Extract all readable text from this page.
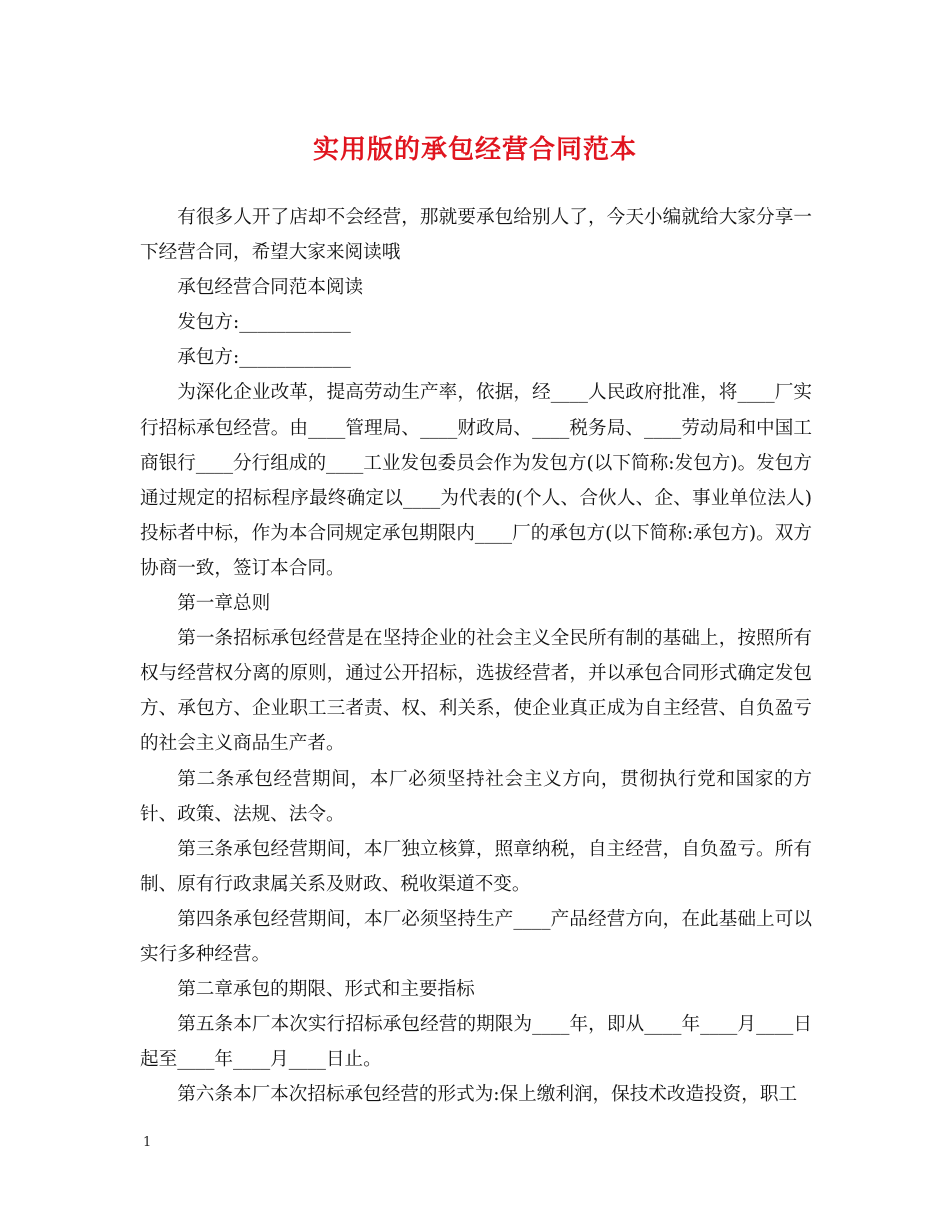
实用版的承包经营合同范本

有很多人开了店却不会经营，那就要承包给别人了，今天小编就给大家分享一下经营合同，希望大家来阅读哦

承包经营合同范本阅读

发包方:____________

承包方:____________

为深化企业改革，提高劳动生产率，依据，经____人民政府批准，将____厂实行招标承包经营。由____管理局、____财政局、____税务局、____劳动局和中国工商银行____分行组成的____工业发包委员会作为发包方(以下简称:发包方)。发包方通过规定的招标程序最终确定以____为代表的(个人、合伙人、企、事业单位法人)投标者中标，作为本合同规定承包期限内____厂的承包方(以下简称:承包方)。双方协商一致，签订本合同。

第一章总则

第一条招标承包经营是在坚持企业的社会主义全民所有制的基础上，按照所有权与经营权分离的原则，通过公开招标，选拔经营者，并以承包合同形式确定发包方、承包方、企业职工三者责、权、利关系，使企业真正成为自主经营、自负盈亏的社会主义商品生产者。

第二条承包经营期间，本厂必须坚持社会主义方向，贯彻执行党和国家的方针、政策、法规、法令。

第三条承包经营期间，本厂独立核算，照章纳税，自主经营，自负盈亏。所有制、原有行政隶属关系及财政、税收渠道不变。

第四条承包经营期间，本厂必须坚持生产____产品经营方向，在此基础上可以实行多种经营。

第二章承包的期限、形式和主要指标

第五条本厂本次实行招标承包经营的期限为____年，即从____年____月____日起至____年____月____日止。

第六条本厂本次招标承包经营的形式为:保上缴利润，保技术改造投资，职工

1
